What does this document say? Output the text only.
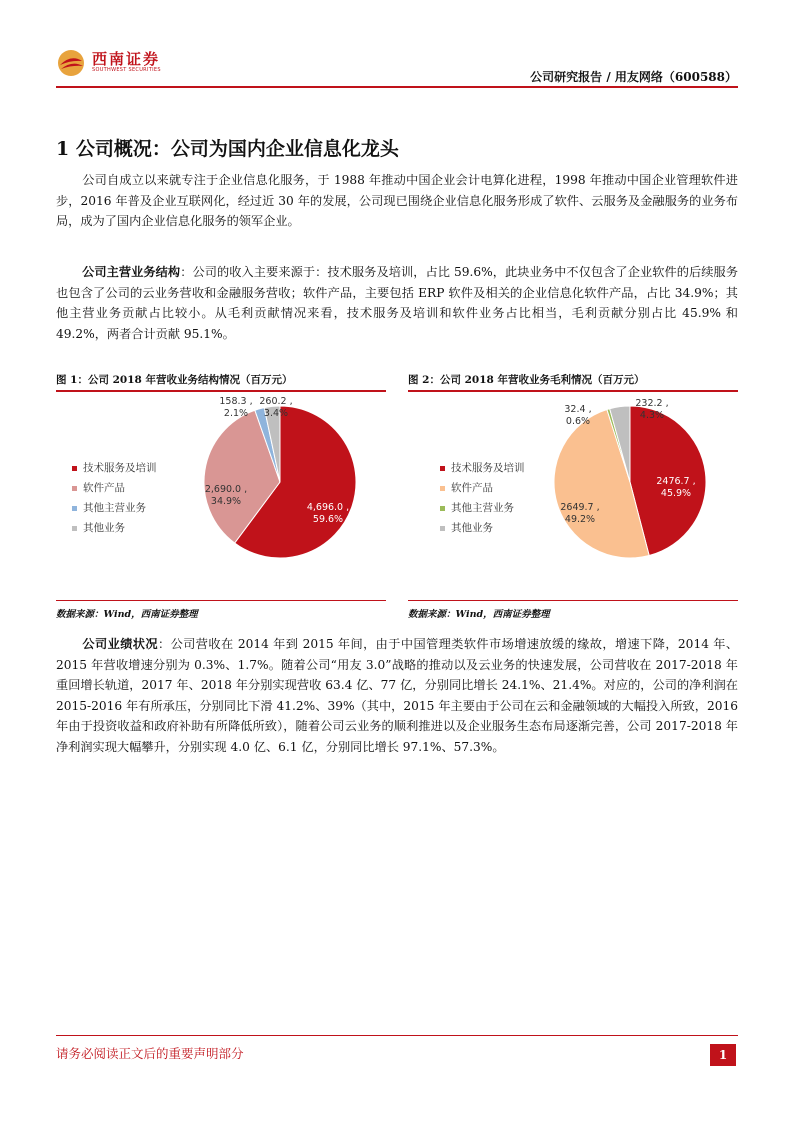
西南证券
SOUTHWEST SECURITIES	公司研究报告 / 用友网络（600588）
1 公司概况：公司为国内企业信息化龙头
公司自成立以来就专注于企业信息化服务，于 1988 年推动中国企业会计电算化进程，1998 年推动中国企业管理软件进步，2016 年普及企业互联网化，经过近 30 年的发展，公司现已围绕企业信息化服务形成了软件、云服务及金融服务的业务布局，成为了国内企业信息化服务的领军企业。
公司主营业务结构：公司的收入主要来源于：技术服务及培训，占比 59.6%，此块业务中不仅包含了企业软件的后续服务也包含了公司的云业务营收和金融服务营收；软件产品，主要包括 ERP 软件及相关的企业信息化软件产品，占比 34.9%；其他主营业务贡献占比较小。从毛利贡献情况来看，技术服务及培训和软件业务占比相当，毛利贡献分别占比 45.9% 和 49.2%，两者合计贡献 95.1%。
图 1：公司 2018 年营收业务结构情况（百万元）
技术服务及培训
软件产品
其他主营业务
其他业务
4,696.0 ,
59.6%
2,690.0 ,
34.9%
158.3 ,
2.1%
260.2 ,
3.4%
数据来源：Wind，西南证券整理
图 2：公司 2018 年营收业务毛利情况（百万元）
技术服务及培训
软件产品
其他主营业务
其他业务
2476.7 ,
45.9%
2649.7 ,
49.2%
32.4 ,
0.6%
232.2 ,
4.3%
数据来源：Wind，西南证券整理
公司业绩状况：公司营收在 2014 年到 2015 年间，由于中国管理类软件市场增速放缓的缘故，增速下降，2014 年、2015 年营收增速分别为 0.3%、1.7%。随着公司“用友 3.0”战略的推动以及云业务的快速发展，公司营收在 2017-2018 年重回增长轨道，2017 年、2018 年分别实现营收 63.4 亿、77 亿，分别同比增长 24.1%、21.4%。对应的，公司的净利润在 2015-2016 年有所承压，分别同比下滑 41.2%、39%（其中，2015 年主要由于公司在云和金融领域的大幅投入所致，2016 年由于投资收益和政府补助有所降低所致），随着公司云业务的顺利推进以及企业服务生态布局逐渐完善，公司 2017-2018 年净利润实现大幅攀升，分别实现 4.0 亿、6.1 亿，分别同比增长 97.1%、57.3%。
请务必阅读正文后的重要声明部分	1
